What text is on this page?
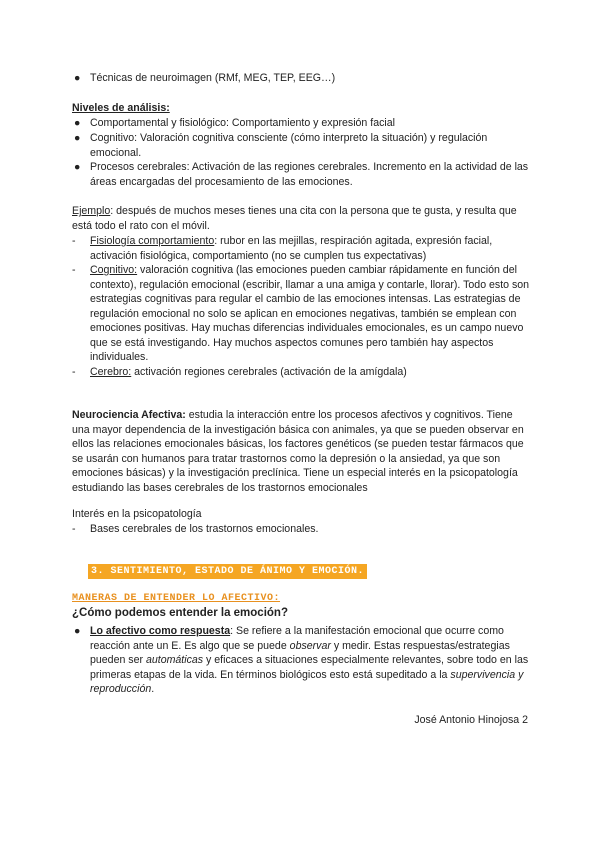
● Técnicas de neuroimagen (RMf, MEG, TEP, EEG…)
Niveles de análisis:
● Comportamental y fisiológico: Comportamiento y expresión facial
● Cognitivo: Valoración cognitiva consciente (cómo interpreto la situación) y regulación emocional.
● Procesos cerebrales: Activación de las regiones cerebrales. Incremento en la actividad de las áreas encargadas del procesamiento de las emociones.
Ejemplo: después de muchos meses tienes una cita con la persona que te gusta, y resulta que está todo el rato con el móvil.
- Fisiología comportamiento: rubor en las mejillas, respiración agitada, expresión facial, activación fisiológica, comportamiento (no se cumplen tus expectativas)
- Cognitivo: valoración cognitiva (las emociones pueden cambiar rápidamente en función del contexto), regulación emocional (escribir, llamar a una amiga y contarle, llorar). Todo esto son estrategias cognitivas para regular el cambio de las emociones intensas. Las estrategias de regulación emocional no solo se aplican en emociones negativas, también se emplean con emociones positivas. Hay muchas diferencias individuales emocionales, es un campo nuevo que se está investigando. Hay muchos aspectos comunes pero también hay aspectos individuales.
- Cerebro: activación regiones cerebrales (activación de la amígdala)
Neurociencia Afectiva: estudia la interacción entre los procesos afectivos y cognitivos. Tiene una mayor dependencia de la investigación básica con animales, ya que se pueden observar en ellos las relaciones emocionales básicas, los factores genéticos (se pueden testar fármacos que se usarán con humanos para tratar trastornos como la depresión o la ansiedad, ya que son emociones básicas) y la investigación preclínica. Tiene un especial interés en la psicopatología estudiando las bases cerebrales de los trastornos emocionales
Interés en la psicopatología
- Bases cerebrales de los trastornos emocionales.
3. SENTIMIENTO, ESTADO DE ÁNIMO Y EMOCIÓN.
MANERAS DE ENTENDER LO AFECTIVO:
¿Cómo podemos entender la emoción?
● Lo afectivo como respuesta: Se refiere a la manifestación emocional que ocurre como reacción ante un E. Es algo que se puede observar y medir. Estas respuestas/estrategias pueden ser automáticas y eficaces a situaciones especialmente relevantes, sobre todo en las primeras etapas de la vida. En términos biológicos esto está supeditado a la supervivencia y reproducción.
José Antonio Hinojosa 2
